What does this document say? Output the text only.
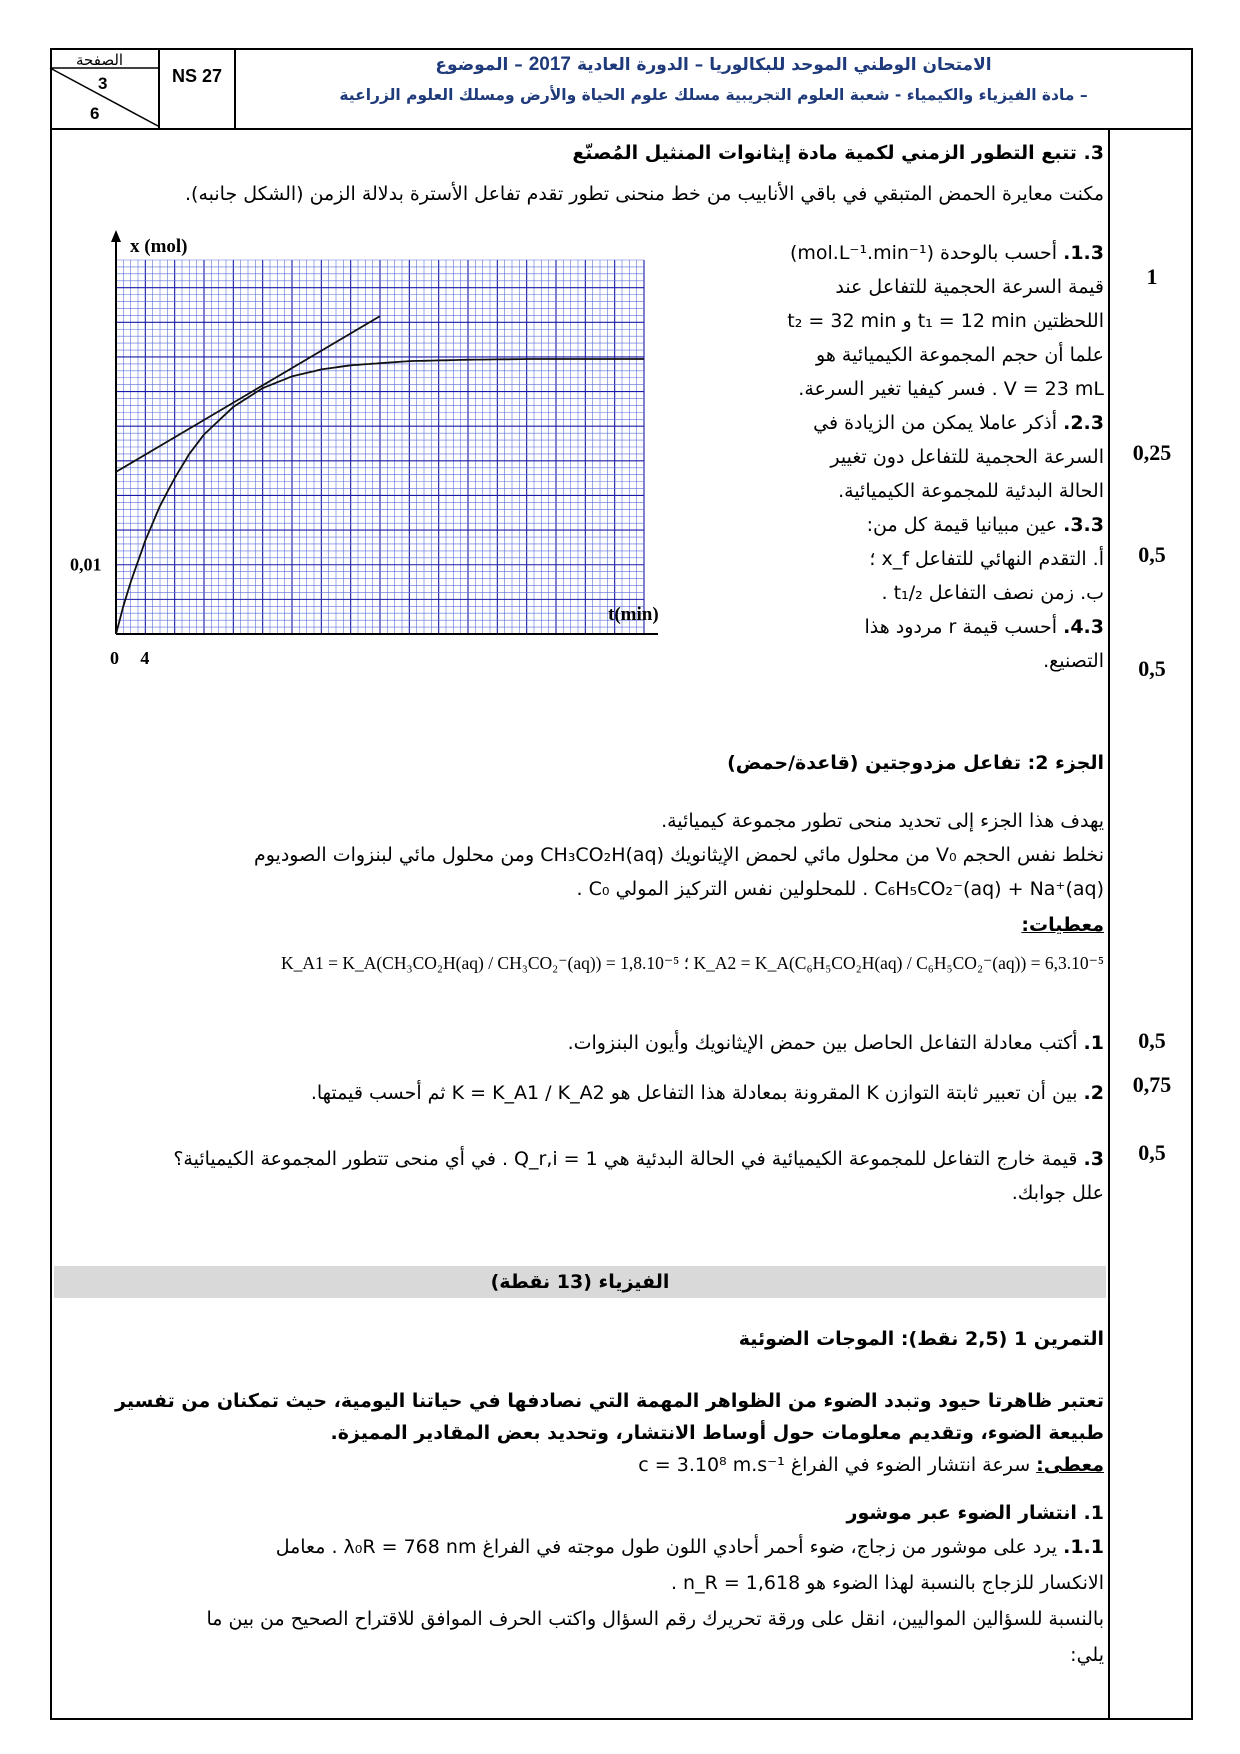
الصفحة
3
6
NS 27
الامتحان الوطني الموحد للبكالوريا – الدورة العادية 2017 – الموضوع
– مادة الفيزياء والكيمياء - شعبة العلوم التجريبية مسلك علوم الحياة والأرض ومسلك العلوم الزراعية
3. تتبع التطور الزمني لكمية مادة إيثانوات المنثيل المُصنّع
مكنت معايرة الحمض المتبقي في باقي الأنابيب من خط منحنى تطور تقدم تفاعل الأسترة بدلالة الزمن (الشكل جانبه).
x (mol)
t(min)
0,01
0 4
1.3. أحسب بالوحدة (mol.L⁻¹.min⁻¹)
قيمة السرعة الحجمية للتفاعل عند
اللحظتين t₁ = 12 min و t₂ = 32 min
علما أن حجم المجموعة الكيميائية هو
V = 23 mL . فسر كيفيا تغير السرعة.
2.3. أذكر عاملا يمكن من الزيادة في
السرعة الحجمية للتفاعل دون تغيير
الحالة البدئية للمجموعة الكيميائية.
3.3. عين مبيانيا قيمة كل من:
أ. التقدم النهائي للتفاعل x_f ؛
ب. زمن نصف التفاعل t₁/₂ .
4.3. أحسب قيمة r مردود هذا
التصنيع.
1
0,25
0,5
0,5
الجزء 2: تفاعل مزدوجتين (قاعدة/حمض)
يهدف هذا الجزء إلى تحديد منحى تطور مجموعة كيميائية.
نخلط نفس الحجم V₀ من محلول مائي لحمض الإيثانويك CH₃CO₂H(aq) ومن محلول مائي لبنزوات الصوديوم
C₆H₅CO₂⁻(aq) + Na⁺(aq) . للمحلولين نفس التركيز المولي C₀ .
معطيات:
K_A2 = K_A(C₆H₅CO₂H(aq) / C₆H₅CO₂⁻(aq)) = 6,3.10⁻⁵ ؛ K_A1 = K_A(CH₃CO₂H(aq) / CH₃CO₂⁻(aq)) = 1,8.10⁻⁵
1. أكتب معادلة التفاعل الحاصل بين حمض الإيثانويك وأيون البنزوات.
2. بين أن تعبير ثابتة التوازن K المقرونة بمعادلة هذا التفاعل هو K = K_A1 / K_A2 ثم أحسب قيمتها.
3. قيمة خارج التفاعل للمجموعة الكيميائية في الحالة البدئية هي Q_r,i = 1 . في أي منحى تتطور المجموعة الكيميائية؟
علل جوابك.
0,5
0,75
0,5
الفيزياء (13 نقطة)
التمرين 1 (2,5 نقط): الموجات الضوئية
تعتبر ظاهرتا حيود وتبدد الضوء من الظواهر المهمة التي نصادفها في حياتنا اليومية، حيث تمكنان من تفسير
طبيعة الضوء، وتقديم معلومات حول أوساط الانتشار، وتحديد بعض المقادير المميزة.
معطى: سرعة انتشار الضوء في الفراغ c = 3.10⁸ m.s⁻¹
1. انتشار الضوء عبر موشور
1.1. يرد على موشور من زجاج، ضوء أحمر أحادي اللون طول موجته في الفراغ λ₀R = 768 nm . معامل
الانكسار للزجاج بالنسبة لهذا الضوء هو n_R = 1,618 .
بالنسبة للسؤالين المواليين، انقل على ورقة تحريرك رقم السؤال واكتب الحرف الموافق للاقتراح الصحيح من بين ما
يلي:
